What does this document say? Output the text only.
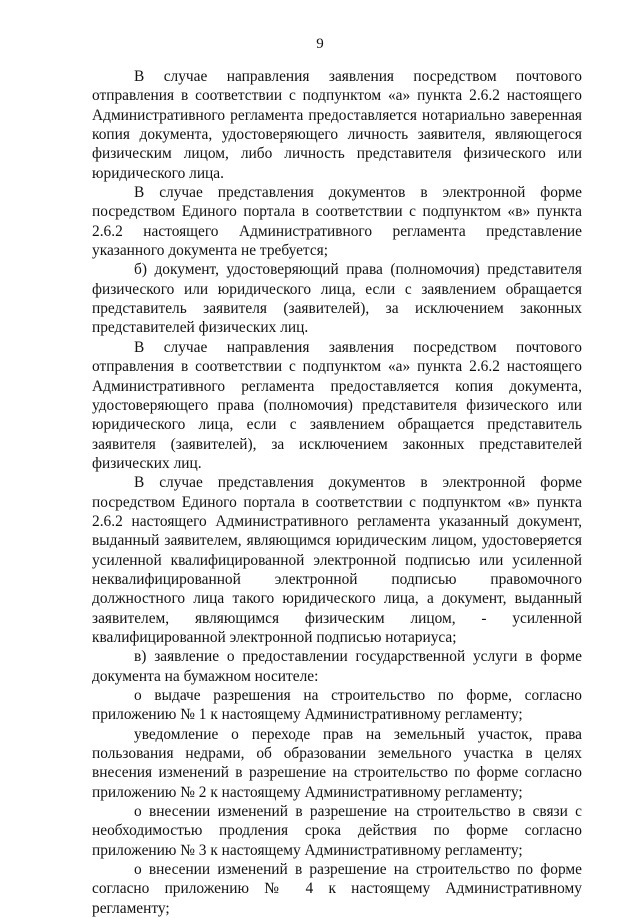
9

В случае направления заявления посредством почтового отправления в соответствии с подпунктом «а» пункта 2.6.2 настоящего Административного регламента предоставляется нотариально заверенная копия документа, удостоверяющего личность заявителя, являющегося физическим лицом, либо личность представителя физического или юридического лица.

В случае представления документов в электронной форме посредством Единого портала в соответствии с подпунктом «в» пункта 2.6.2 настоящего Административного регламента представление указанного документа не требуется;

б) документ, удостоверяющий права (полномочия) представителя физического или юридического лица, если с заявлением обращается представитель заявителя (заявителей), за исключением законных представителей физических лиц.

В случае направления заявления посредством почтового отправления в соответствии с подпунктом «а» пункта 2.6.2 настоящего Административного регламента предоставляется копия документа, удостоверяющего права (полномочия) представителя физического или юридического лица, если с заявлением обращается представитель заявителя (заявителей), за исключением законных представителей физических лиц.

В случае представления документов в электронной форме посредством Единого портала в соответствии с подпунктом «в» пункта 2.6.2 настоящего Административного регламента указанный документ, выданный заявителем, являющимся юридическим лицом, удостоверяется усиленной квалифицированной электронной подписью или усиленной неквалифицированной электронной подписью правомочного должностного лица такого юридического лица, а документ, выданный заявителем, являющимся физическим лицом, - усиленной квалифицированной электронной подписью нотариуса;

в) заявление о предоставлении государственной услуги в форме документа на бумажном носителе:

о выдаче разрешения на строительство по форме, согласно приложению № 1 к настоящему Административному регламенту;

уведомление о переходе прав на земельный участок, права пользования недрами, об образовании земельного участка в целях внесения изменений в разрешение на строительство по форме согласно приложению № 2 к настоящему Административному регламенту;

о внесении изменений в разрешение на строительство в связи с необходимостью продления срока действия по форме согласно приложению № 3 к настоящему Административному регламенту;

о внесении изменений в разрешение на строительство по форме согласно приложению № 4 к настоящему Административному регламенту;
